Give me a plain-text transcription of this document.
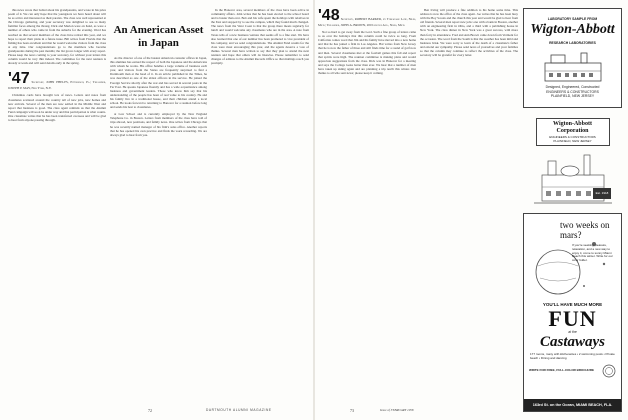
this news wrote that ballad about his grandparents, and wrote in his prize poem of it. We can only hope that the youngsters we have heard about will be as active and interested as their parents. The class was well represented at the Chicago gathering, and your secretary was delighted to see so many familiar faces among the throng. Dick and Marion were on hand, as were a number of others who came in from the suburbs for the evening. Word has reached us that several members of the class have retired this year, and we hope to report their plans in a future issue. Bill writes from Florida that the fishing has been excellent and that he would welcome visitors from the class at any time. Our congratulations go to the members who became grandparents during the past months; the list grows longer with every report. Please keep the news coming to your secretary, for without your letters this column would be very thin indeed. The committee for the next reunion is already at work and will send details early in the spring.

'47 Secretary, JOHN PHELPS, Pittsburgh, Pa.; Treasurer, JOSEPH P. MAY, New York, N.Y.

Christmas cards have brought lots of news. Letters and notes from classmates scattered around the country tell of new jobs, new homes and new arrivals. Several of the men are now settled in the Middle West and report that business is good. The class agent reminds us that the Alumni Fund campaign will soon be under way and that participation is what counts. One classmate writes that he has been transferred overseas and will be glad to hear from anyone passing through.

An American Asset in Japan

As the director of one of the busiest American consular offices in Japan, this alumnus has earned the respect of both the Japanese and the Americans with whom he works. His office handles a large volume of business each year, and visitors from the States are frequently surprised to find a Dartmouth man at the head of it. In an article published in the Times, he was described as one of the ablest officers in the service. He joined the Foreign Service shortly after the war and has served in several posts in the Far East. He speaks Japanese fluently and has a wide acquaintance among business and government leaders. Those who know him say that his understanding of the people has been of real value to his country. He and his family live in a traditional house, and their children attend a local school. He looks forward to returning to Hanover for a reunion before long and sends his best to classmates.

at Law School and is currently employed by the New England Telephone Co. in Boston. Letters from members of the class have told of trips abroad, new positions, and family news. One writes from Chicago that he was recently named manager of his firm's sales office. Another reports that he has opened his own practice and finds the work rewarding. We are always glad to hear from you.

In the Hanover area, several members of the class have been active in community affairs. John writes that he has been elected to the school board and is busier than ever. Bob and his wife spent the holidays with relatives in the East and stopped by to see the campus, which they found much changed. The news from the West Coast is that the group there meets regularly for lunch and would welcome any classmates who are in the area. A note from Texas tells of a new business venture that seems off to a fine start. We have also learned that one of our number has been promoted to vice president of his company, and we send congratulations. The Alumni Fund results for the class were most encouraging this year, and the agents deserve a vote of thanks. Several men have written to say that they plan to attend the next reunion and hope that others will do likewise. Please remember to send changes of address to the Alumni Records Office so that mailings reach you promptly.

72	DARTMOUTH ALUMNI MAGAZINE
'48 Secretary, ROBERT BARKER, by Tomahawk Lane, Niles, Mich.; Treasurer, JOHN A. BROWN, 200 Lincoln Ave., Niles, Mich.

Not so hard to get away from the Lord. Such a fine group of letters came to us over the holidays that this column could be twice as long. From California comes word that Jim and his family have moved into a new home and that he has joined a firm in Los Angeles. Hal writes from New Jersey that he is now the father of three and still finds time for a round of golf now and then. Several classmates met at the football games this fall and report that spirits were high. The reunion committee is making plans and would appreciate suggestions from the class. Dick was in Hanover for a meeting and says the College looks better than ever. We hear that a number of men have taken up skiing again and are planning a trip north this winter. Our thanks to all who sent news; please keep it coming.

Ben Irving will produce a fine addition to his home some time. This address is now the office of the class agent. Joe writes that he has been busy with the Boy Scouts and the church this year and would be glad to hear from old friends. Several men report new jobs: one with a bank in Boston, another with an engineering firm in Ohio, and a third with a publishing house in New York. The class dinner in New York was a great success, with more than forty in attendance. Fred and Ann Brown came down from Vermont for the occasion. The word from the South is that the weather has been mild and business brisk. We were sorry to learn of the death of a classmate's father and extend our sympathy. Please send news of yourselves and your families so that the column may continue to reflect the activities of the class. The secretary will be grateful for every letter.

LABORATORY SAMPLE FROM
Wigton-Abbott
RESEARCH LABORATORIES
Designed, Engineered, Constructed
ENGINEERS & CONSTRUCTORS
PLAINFIELD, NEW JERSEY
Wigton-Abbott Corporation
ENGINEERS & CONSTRUCTORS
PLAINFIELD, NEW JERSEY
Est. 1918
two weeks on mars?
If you're seeking pleasure, relaxation, and a new way to enjoy it, come to sunny Miami Beach this winter. Write for our color folder.
YOU'LL HAVE MUCH MORE
FUN
at the
Castaways
177 rooms, many with kitchenettes • 2 swimming pools • Private beach • Dining and dancing
WRITE FOR FREE, FULL-COLOR BROCHURE
163rd St. on the Ocean, MIAMI BEACH, FLA.
73	Issue of FEBRUARY 1958
